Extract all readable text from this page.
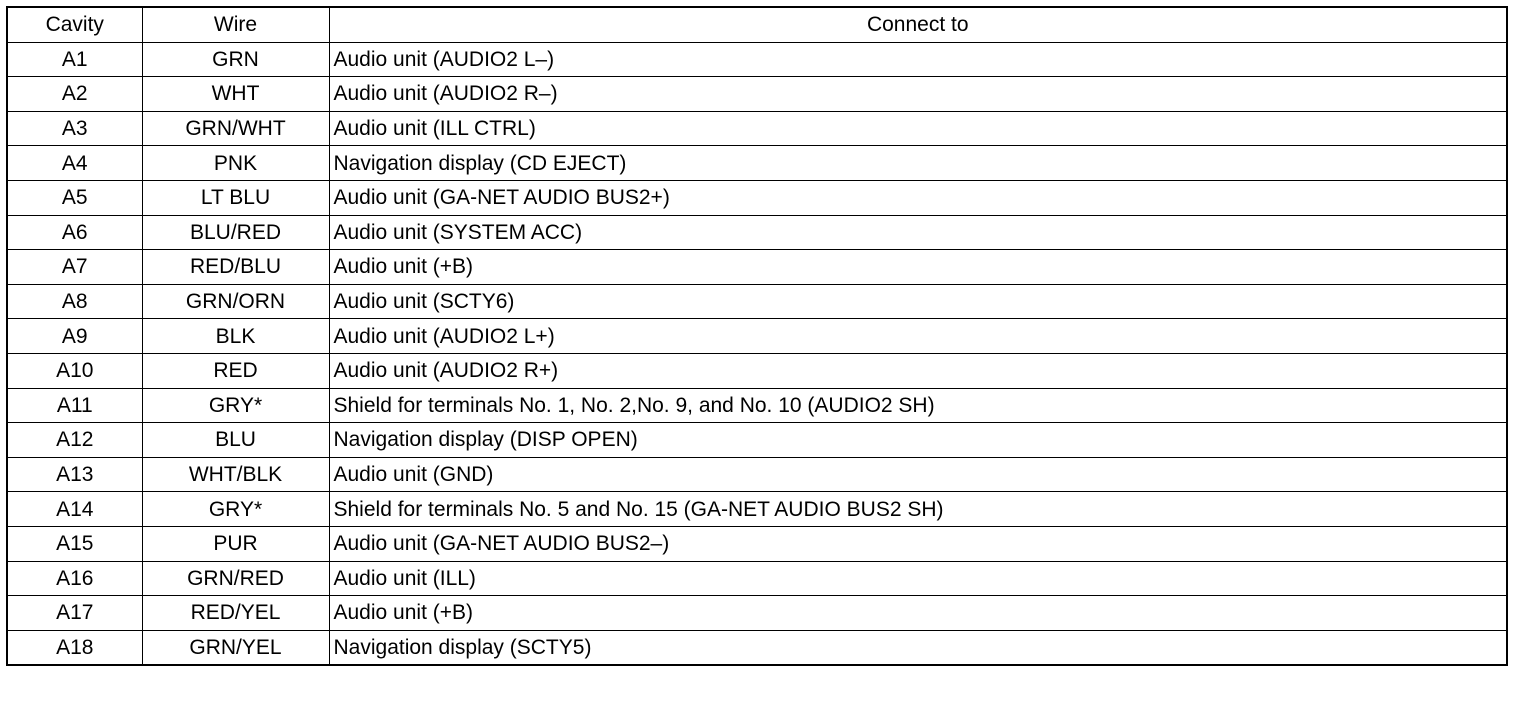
Cavity	Wire	Connect to
A1	GRN	Audio unit (AUDIO2 L–)
A2	WHT	Audio unit (AUDIO2 R–)
A3	GRN/WHT	Audio unit (ILL CTRL)
A4	PNK	Navigation display (CD EJECT)
A5	LT BLU	Audio unit (GA-NET AUDIO BUS2+)
A6	BLU/RED	Audio unit (SYSTEM ACC)
A7	RED/BLU	Audio unit (+B)
A8	GRN/ORN	Audio unit (SCTY6)
A9	BLK	Audio unit (AUDIO2 L+)
A10	RED	Audio unit (AUDIO2 R+)
A11	GRY*	Shield for terminals No. 1, No. 2,No. 9, and No. 10 (AUDIO2 SH)
A12	BLU	Navigation display (DISP OPEN)
A13	WHT/BLK	Audio unit (GND)
A14	GRY*	Shield for terminals No. 5 and No. 15 (GA-NET AUDIO BUS2 SH)
A15	PUR	Audio unit (GA-NET AUDIO BUS2–)
A16	GRN/RED	Audio unit (ILL)
A17	RED/YEL	Audio unit (+B)
A18	GRN/YEL	Navigation display (SCTY5)
